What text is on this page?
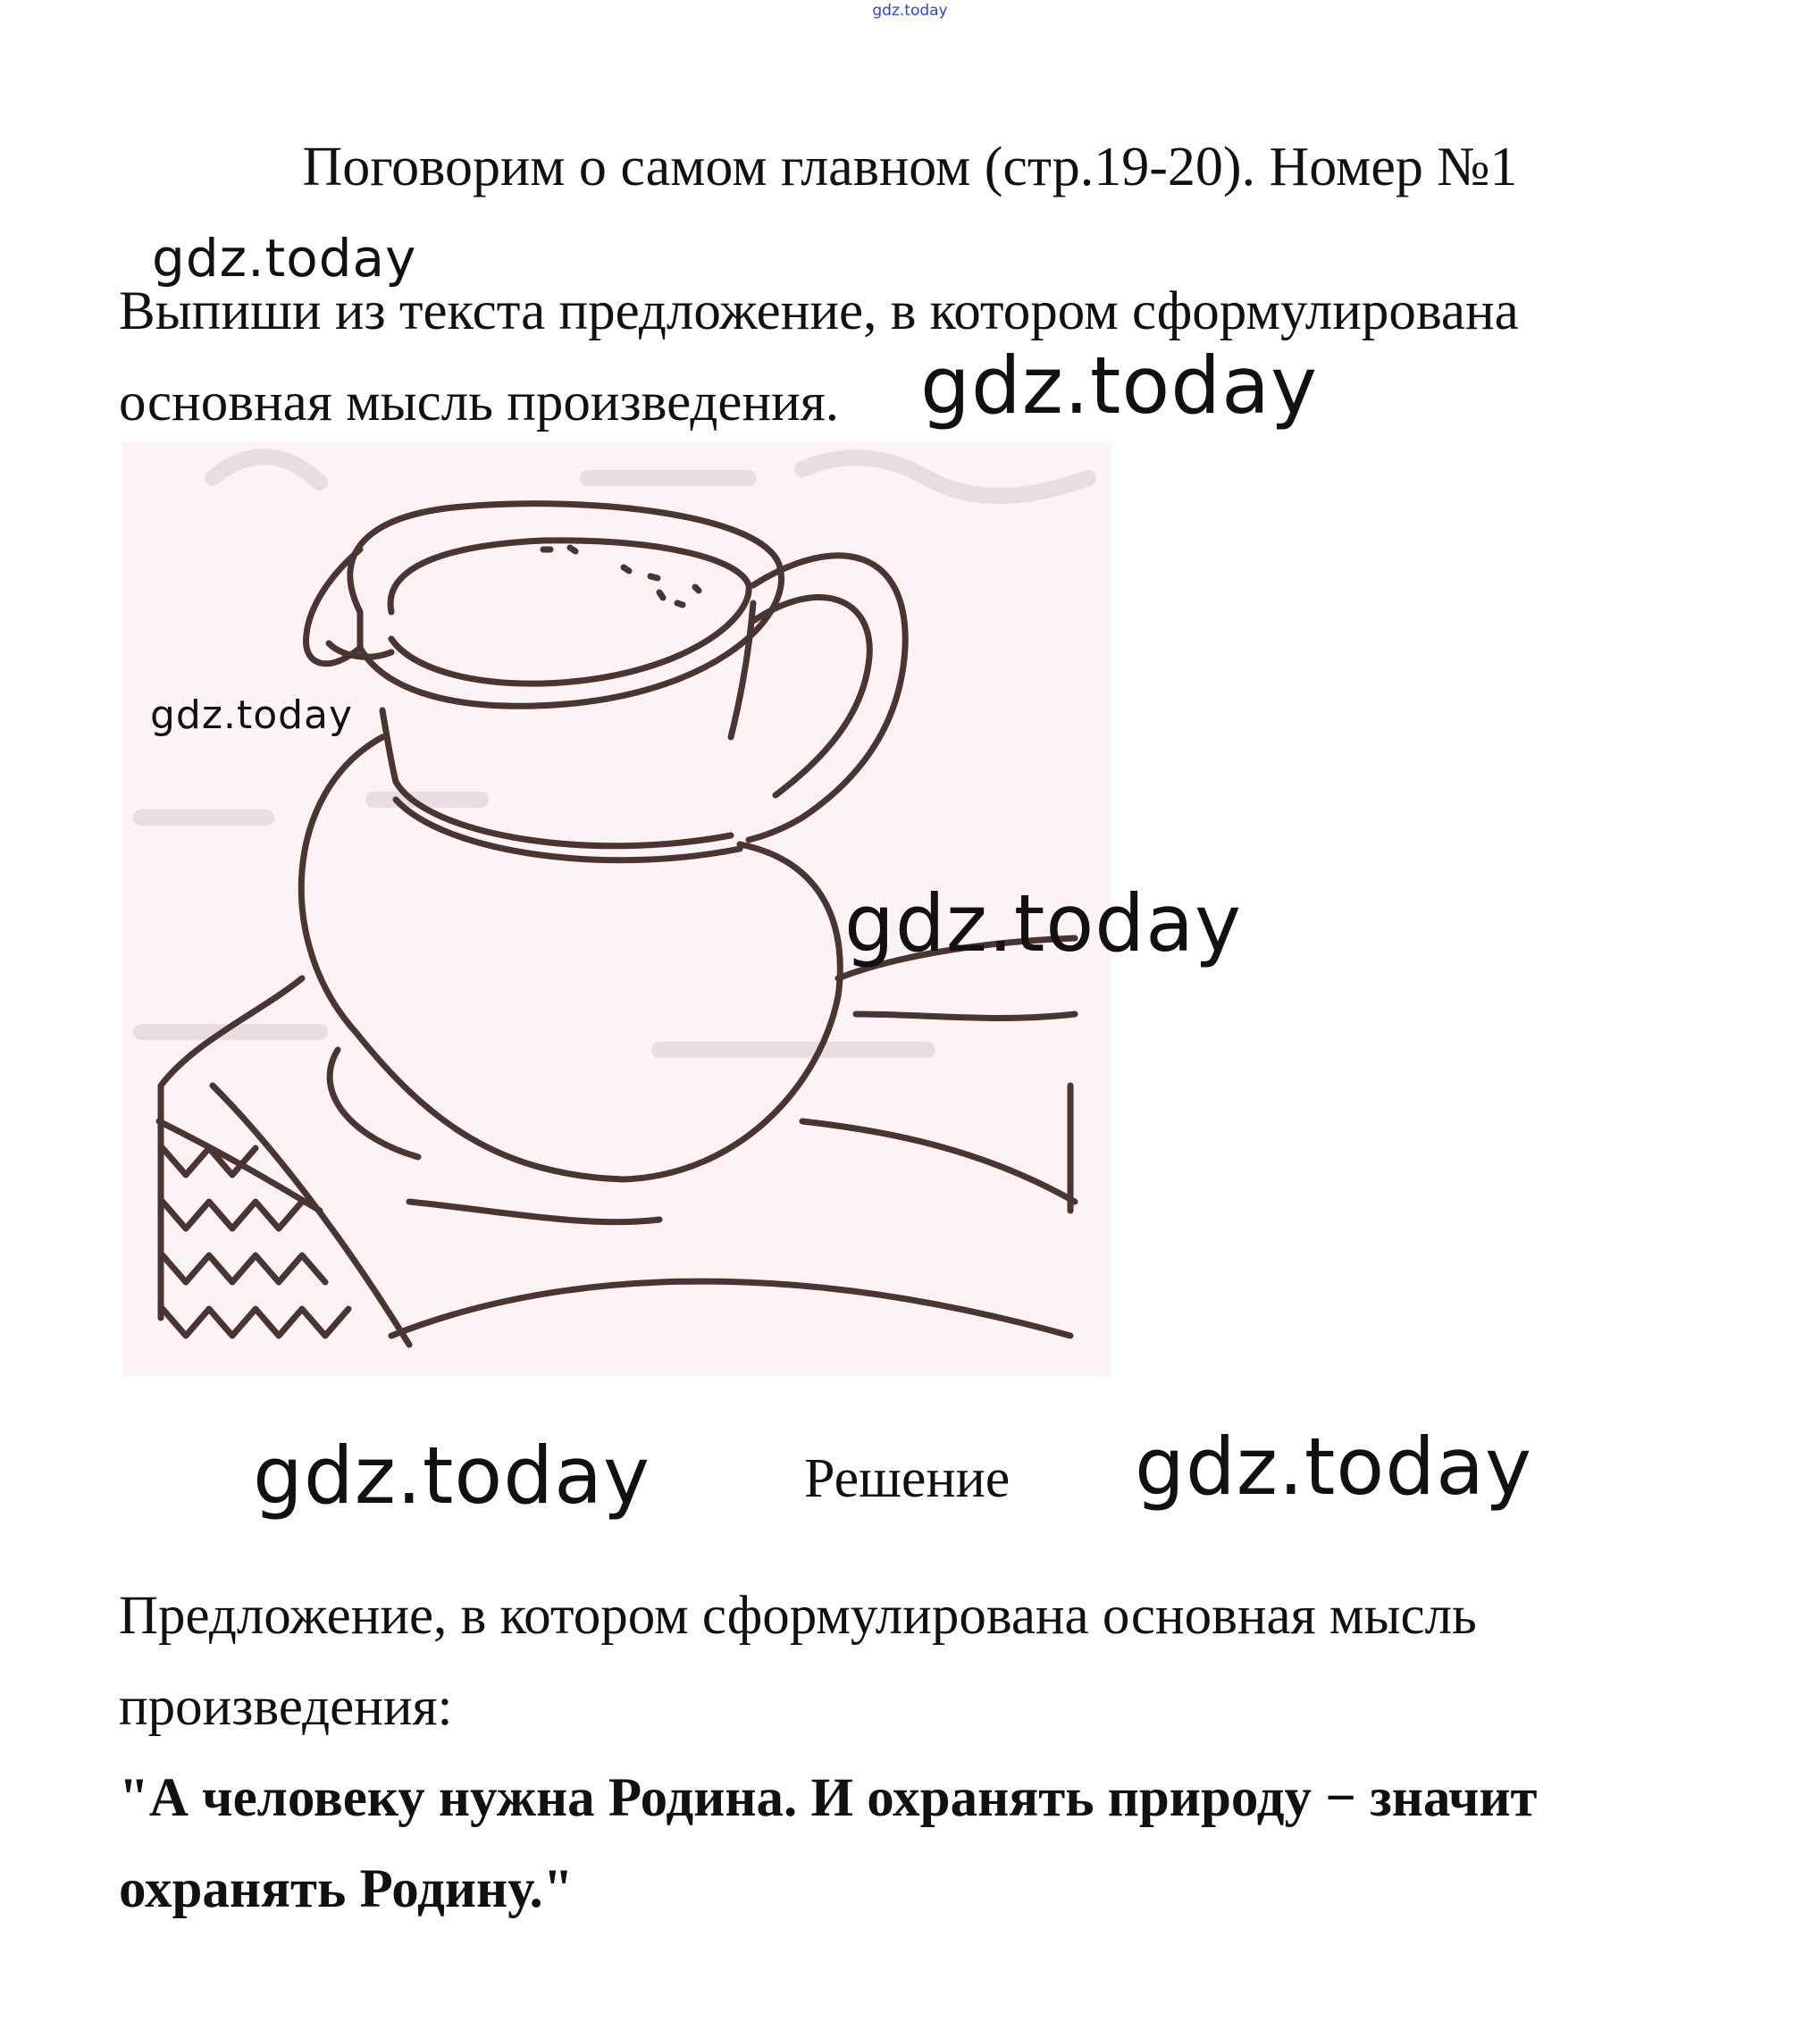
gdz.today
Поговорим о самом главном (стр.19-20). Номер №1
Выпиши из текста предложение, в котором сформулирована
основная мысль произведения.
gdz.today
gdz.today
gdz.today
gdz.today
gdz.today	gdz.today
Решение
Предложение, в котором сформулирована основная мысль
произведения:
"А человеку нужна Родина. И охранять природу − значит
охранять Родину."
